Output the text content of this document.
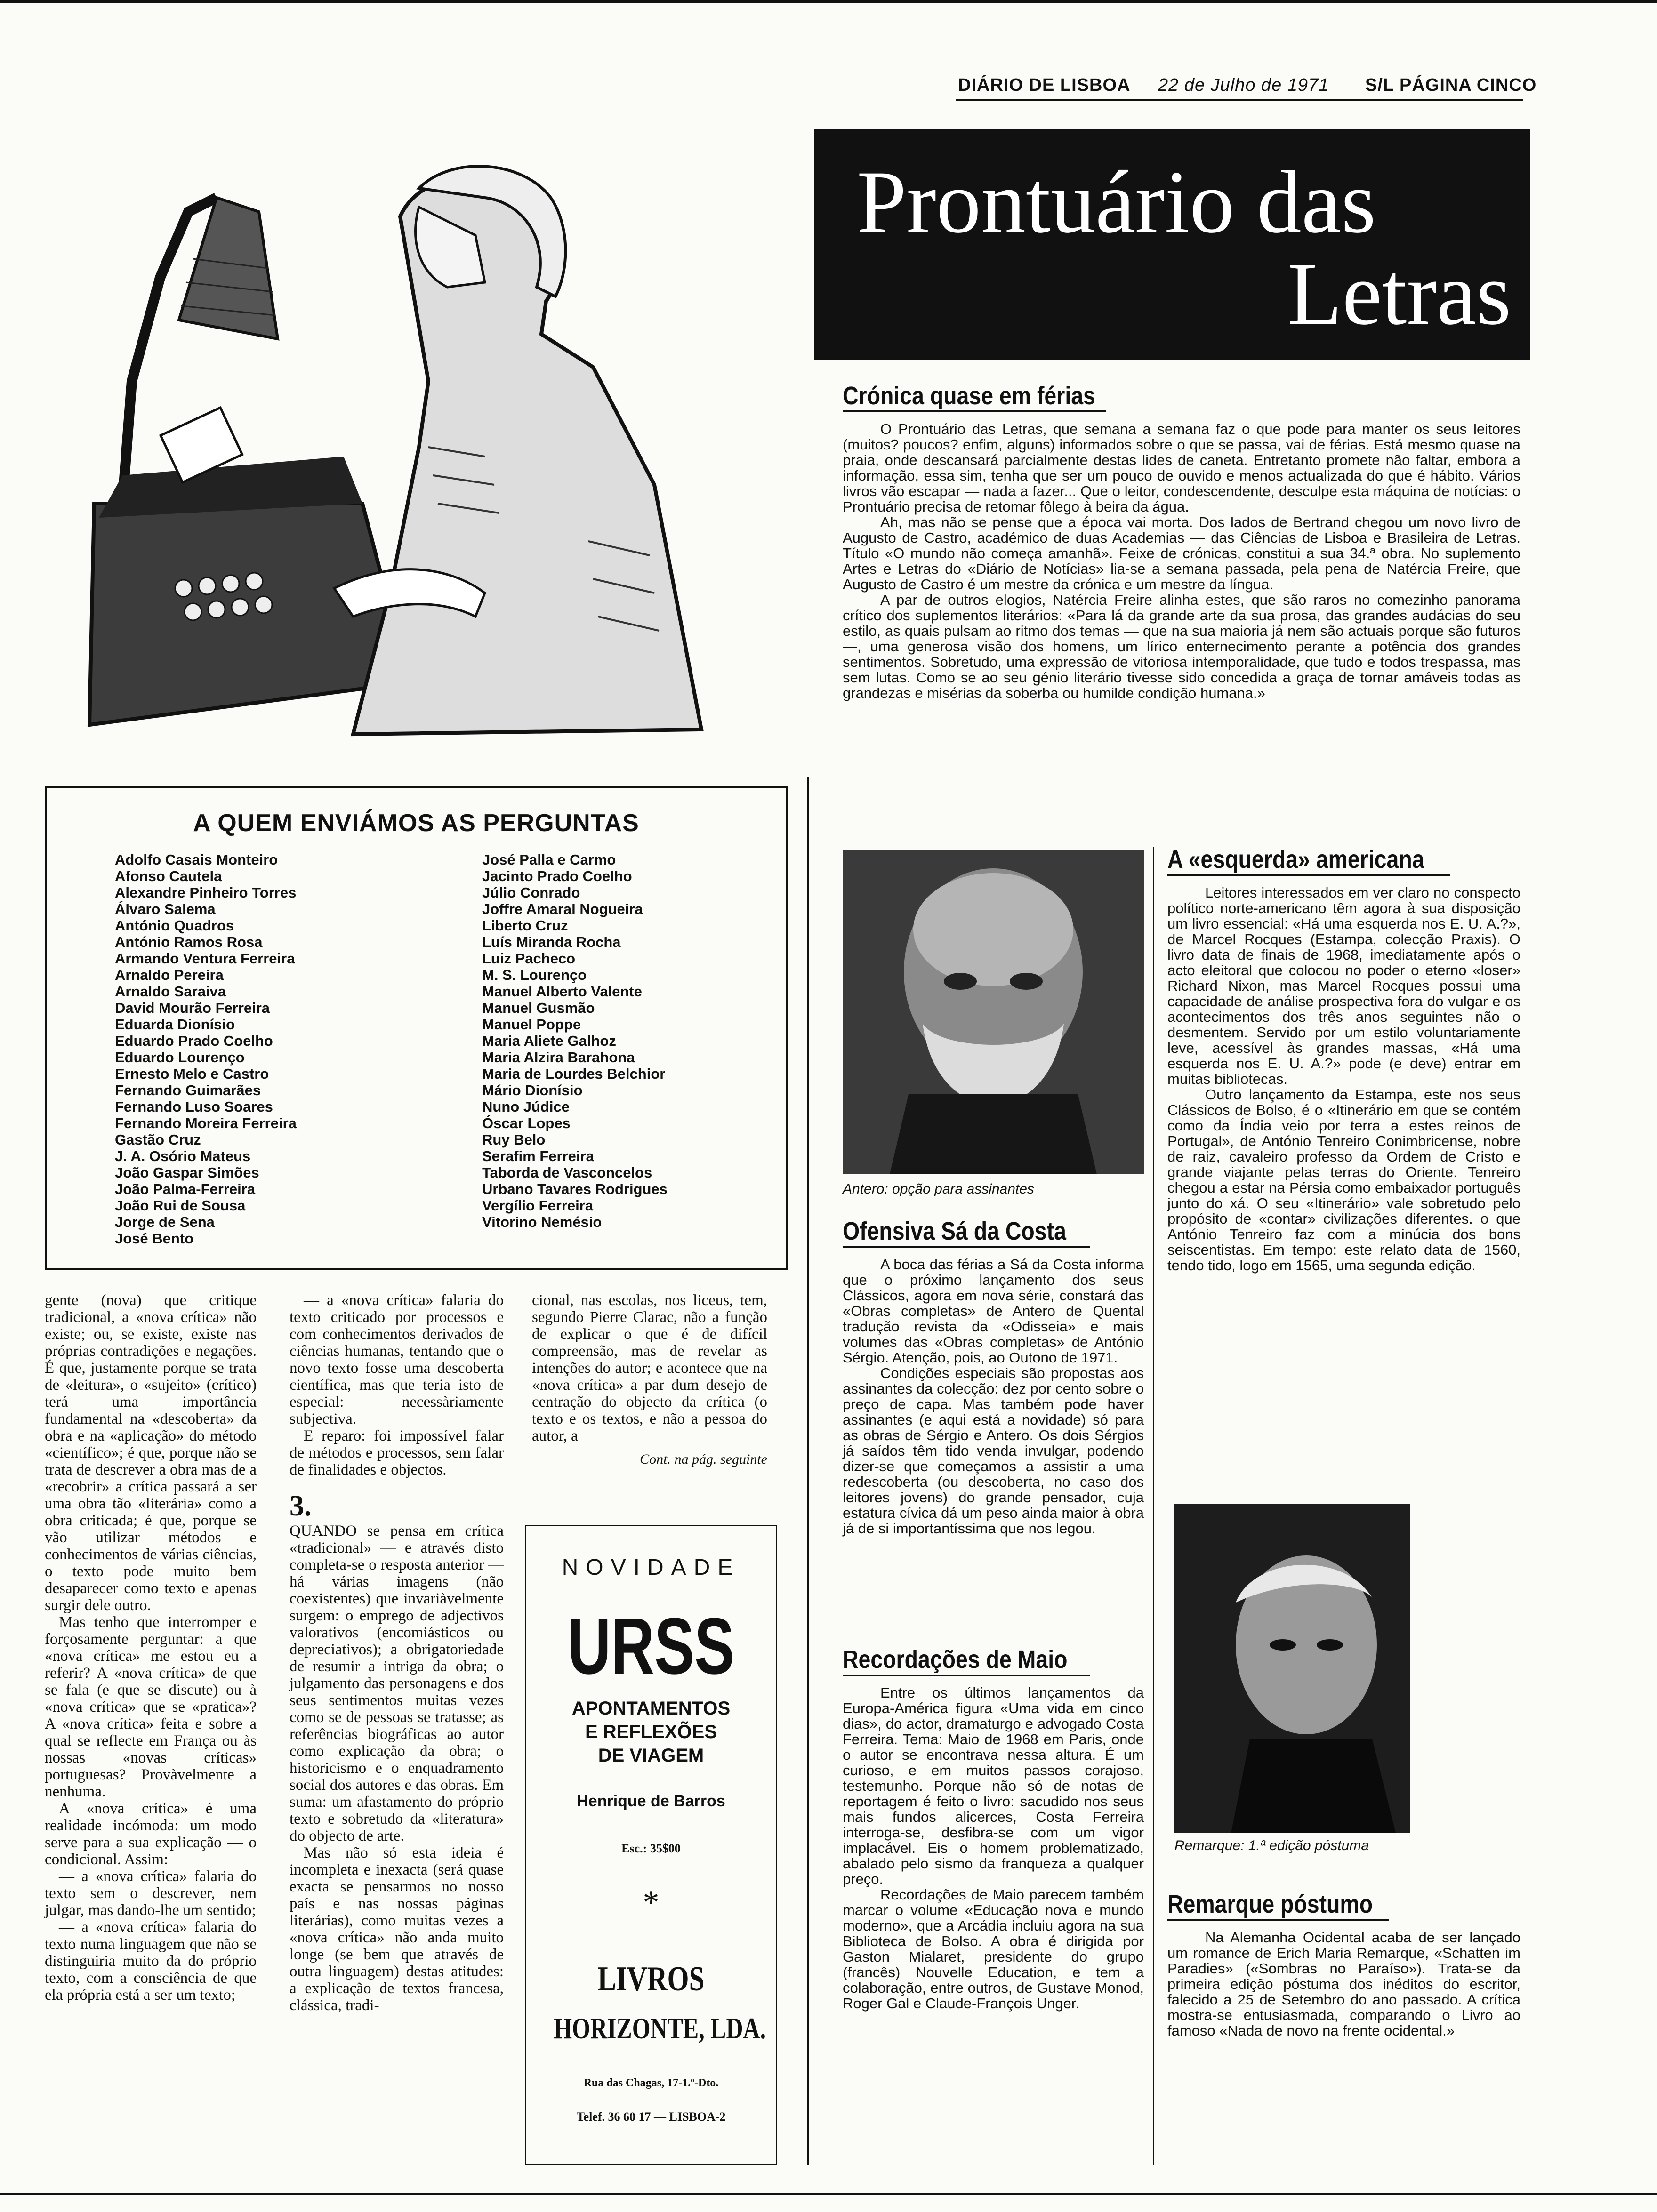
DIÁRIO DE LISBOA 22 de Julho de 1971 S/L PÁGINA CINCO
Prontuário das
Letras
Crónica quase em férias

O Prontuário das Letras, que semana a semana faz o que pode para manter os seus leitores (muitos? poucos? enfim, alguns) informados sobre o que se passa, vai de férias. Está mesmo quase na praia, onde descansará parcialmente destas lides de caneta. Entretanto promete não faltar, embora a informação, essa sim, tenha que ser um pouco de ouvido e menos actualizada do que é hábito. Vários livros vão escapar — nada a fazer... Que o leitor, condescendente, desculpe esta máquina de notícias: o Prontuário precisa de retomar fôlego à beira da água.

Ah, mas não se pense que a época vai morta. Dos lados de Bertrand chegou um novo livro de Augusto de Castro, académico de duas Academias — das Ciências de Lisboa e Brasileira de Letras. Título «O mundo não começa amanhã». Feixe de crónicas, constitui a sua 34.ª obra. No suplemento Artes e Letras do «Diário de Notícias» lia-se a semana passada, pela pena de Natércia Freire, que Augusto de Castro é um mestre da crónica e um mestre da língua.

A par de outros elogios, Natércia Freire alinha estes, que são raros no comezinho panorama crítico dos suplementos literários: «Para lá da grande arte da sua prosa, das grandes audácias do seu estilo, as quais pulsam ao ritmo dos temas — que na sua maioria já nem são actuais porque são futuros —, uma generosa visão dos homens, um lírico enternecimento perante a potência dos grandes sentimentos. Sobretudo, uma expressão de vitoriosa intemporalidade, que tudo e todos trespassa, mas sem lutas. Como se ao seu génio literário tivesse sido concedida a graça de tornar amáveis todas as grandezas e misérias da soberba ou humilde condição humana.»

Antero: opção para assinantes
Ofensiva Sá da Costa

A boca das férias a Sá da Costa informa que o próximo lançamento dos seus Clássicos, agora em nova série, constará das «Obras completas» de Antero de Quental tradução revista da «Odisseia» e mais volumes das «Obras completas» de António Sérgio. Atenção, pois, ao Outono de 1971.

Condições especiais são propostas aos assinantes da colecção: dez por cento sobre o preço de capa. Mas também pode haver assinantes (e aqui está a novidade) só para as obras de Sérgio e Antero. Os dois Sérgios já saídos têm tido venda invulgar, podendo dizer-se que começamos a assistir a uma redescoberta (ou descoberta, no caso dos leitores jovens) do grande pensador, cuja estatura cívica dá um peso ainda maior à obra já de si importantíssima que nos legou.

Recordações de Maio

Entre os últimos lançamentos da Europa-América figura «Uma vida em cinco dias», do actor, dramaturgo e advogado Costa Ferreira. Tema: Maio de 1968 em Paris, onde o autor se encontrava nessa altura. É um curioso, e em muitos passos corajoso, testemunho. Porque não só de notas de reportagem é feito o livro: sacudido nos seus mais fundos alicerces, Costa Ferreira interroga-se, desfibra-se com um vigor implacável. Eis o homem problematizado, abalado pelo sismo da franqueza a qualquer preço.

Recordações de Maio parecem também marcar o volume «Educação nova e mundo moderno», que a Arcádia incluiu agora na sua Biblioteca de Bolso. A obra é dirigida por Gaston Mialaret, presidente do grupo (francês) Nouvelle Education, e tem a colaboração, entre outros, de Gustave Monod, Roger Gal e Claude-François Unger.

A «esquerda» americana

Leitores interessados em ver claro no conspecto político norte-americano têm agora à sua disposição um livro essencial: «Há uma esquerda nos E. U. A.?», de Marcel Rocques (Estampa, colecção Praxis). O livro data de finais de 1968, imediatamente após o acto eleitoral que colocou no poder o eterno «loser» Richard Nixon, mas Marcel Rocques possui uma capacidade de análise prospectiva fora do vulgar e os acontecimentos dos três anos seguintes não o desmentem. Servido por um estilo voluntariamente leve, acessível às grandes massas, «Há uma esquerda nos E. U. A.?» pode (e deve) entrar em muitas bibliotecas.

Outro lançamento da Estampa, este nos seus Clássicos de Bolso, é o «Itinerário em que se contém como da Índia veio por terra a estes reinos de Portugal», de António Tenreiro Conimbricense, nobre de raiz, cavaleiro professo da Ordem de Cristo e grande viajante pelas terras do Oriente. Tenreiro chegou a estar na Pérsia como embaixador português junto do xá. O seu «Itinerário» vale sobretudo pelo propósito de «contar» civilizações diferentes. o que António Tenreiro faz com a minúcia dos bons seiscentistas. Em tempo: este relato data de 1560, tendo tido, logo em 1565, uma segunda edição.

Remarque: 1.ª edição póstuma
Remarque póstumo

Na Alemanha Ocidental acaba de ser lançado um romance de Erich Maria Remarque, «Schatten im Paradies» («Sombras no Paraíso»). Trata-se da primeira edição póstuma dos inéditos do escritor, falecido a 25 de Setembro do ano passado. A crítica mostra-se entusiasmada, comparando o Livro ao famoso «Nada de novo na frente ocidental.»

A QUEM ENVIÁMOS AS PERGUNTAS
Adolfo Casais Monteiro
Afonso Cautela
Alexandre Pinheiro Torres
Álvaro Salema
António Quadros
António Ramos Rosa
Armando Ventura Ferreira
Arnaldo Pereira
Arnaldo Saraiva
David Mourão Ferreira
Eduarda Dionísio
Eduardo Prado Coelho
Eduardo Lourenço
Ernesto Melo e Castro
Fernando Guimarães
Fernando Luso Soares
Fernando Moreira Ferreira
Gastão Cruz
J. A. Osório Mateus
João Gaspar Simões
João Palma-Ferreira
João Rui de Sousa
Jorge de Sena
José Bento
José Palla e Carmo
Jacinto Prado Coelho
Júlio Conrado
Joffre Amaral Nogueira
Liberto Cruz
Luís Miranda Rocha
Luiz Pacheco
M. S. Lourenço
Manuel Alberto Valente
Manuel Gusmão
Manuel Poppe
Maria Aliete Galhoz
Maria Alzira Barahona
Maria de Lourdes Belchior
Mário Dionísio
Nuno Júdice
Óscar Lopes
Ruy Belo
Serafim Ferreira
Taborda de Vasconcelos
Urbano Tavares Rodrigues
Vergílio Ferreira
Vitorino Nemésio

gente (nova) que critique tradicional, a «nova crítica» não existe; ou, se existe, existe nas próprias contradições e negações. É que, justamente porque se trata de «leitura», o «sujeito» (crítico) terá uma importância fundamental na «descoberta» da obra e na «aplicação» do método «científico»; é que, porque não se trata de descrever a obra mas de a «recobrir» a crítica passará a ser uma obra tão «literária» como a obra criticada; é que, porque se vão utilizar métodos e conhecimentos de várias ciências, o texto pode muito bem desaparecer como texto e apenas surgir dele outro.

Mas tenho que interromper e forçosamente perguntar: a que «nova crítica» me estou eu a referir? A «nova crítica» de que se fala (e que se discute) ou à «nova crítica» que se «pratica»? A «nova crítica» feita e sobre a qual se reflecte em França ou às nossas «novas críticas» portuguesas? Provàvelmente a nenhuma.

A «nova crítica» é uma realidade incómoda: um modo serve para a sua explicação — o condicional. Assim:

— a «nova crítica» falaria do texto sem o descrever, nem julgar, mas dando-lhe um sentido;

— a «nova crítica» falaria do texto numa linguagem que não se distinguiria muito da do próprio texto, com a consciência de que ela própria está a ser um texto;

— a «nova crítica» falaria do texto criticado por processos e com conhecimentos derivados de ciências humanas, tentando que o novo texto fosse uma descoberta científica, mas que teria isto de especial: necessàriamente subjectiva.

E reparo: foi impossível falar de métodos e processos, sem falar de finalidades e objectos.

3.

QUANDO se pensa em crítica «tradicional» — e através disto completa-se o resposta anterior — há várias imagens (não coexistentes) que invariàvelmente surgem: o emprego de adjectivos valorativos (encomiásticos ou depreciativos); a obrigatoriedade de resumir a intriga da obra; o julgamento das personagens e dos seus sentimentos muitas vezes como se de pessoas se tratasse; as referências biográficas ao autor como explicação da obra; o historicismo e o enquadramento social dos autores e das obras. Em suma: um afastamento do próprio texto e sobretudo da «literatura» do objecto de arte.

Mas não só esta ideia é incompleta e inexacta (será quase exacta se pensarmos no nosso país e nas nossas páginas literárias), como muitas vezes a «nova crítica» não anda muito longe (se bem que através de outra linguagem) destas atitudes: a explicação de textos francesa, clássica, tradi-

cional, nas escolas, nos liceus, tem, segundo Pierre Clarac, não a função de explicar o que é de difícil compreensão, mas de revelar as intenções do autor; e acontece que na «nova crítica» a par dum desejo de centração do objecto da crítica (o texto e os textos, e não a pessoa do autor, a

Cont. na pág. seguinte
NOVIDADE
URSS
APONTAMENTOS
E REFLEXÕES
DE VIAGEM
Henrique de Barros
Esc.: 35$00
*
LIVROS
HORIZONTE, LDA.
Rua das Chagas, 17-1.º-Dto.
Telef. 36 60 17 — LISBOA-2
